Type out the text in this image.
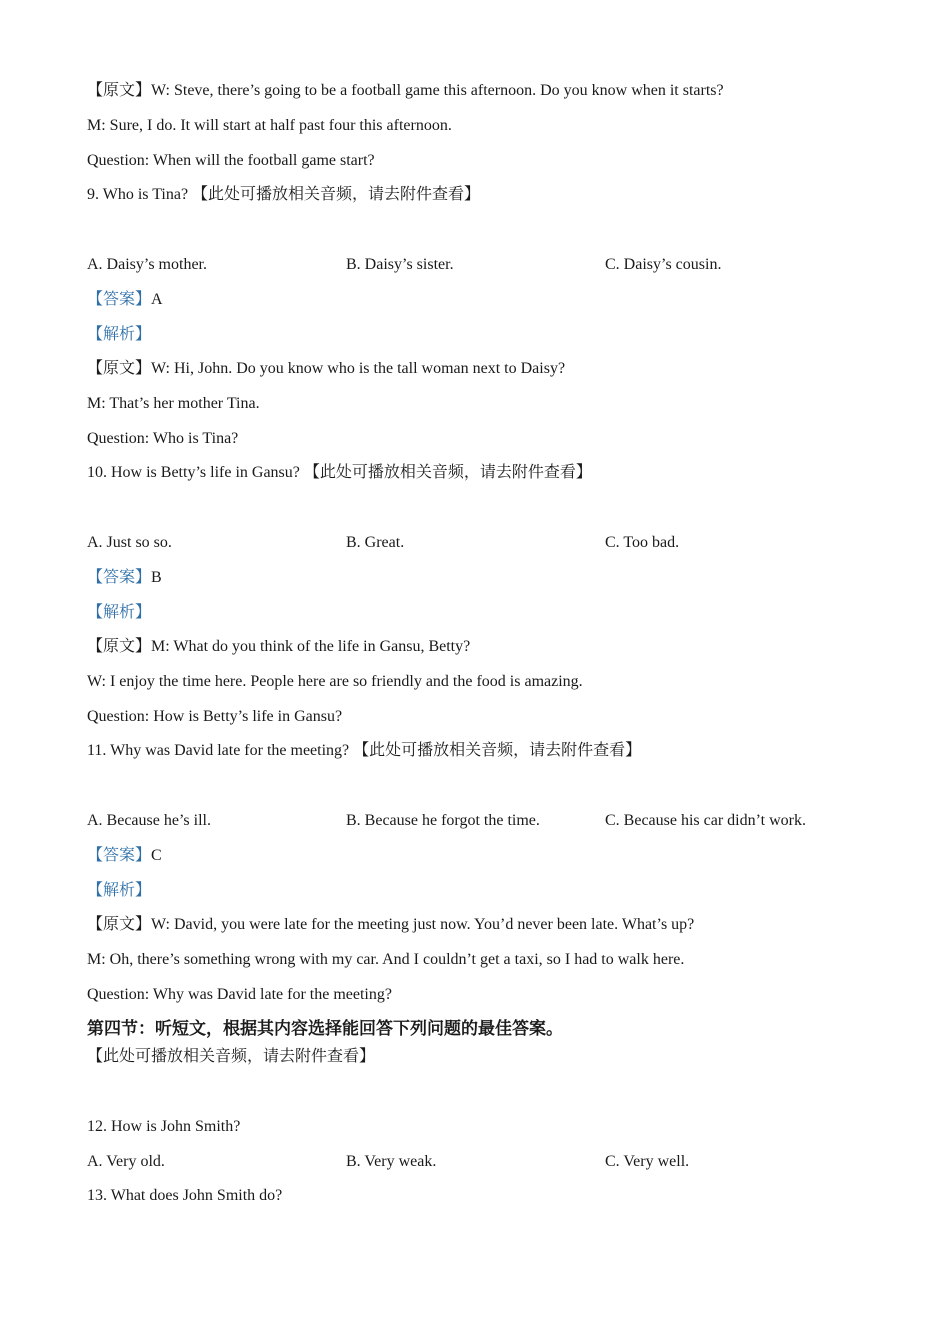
【原文】W: Steve, there’s going to be a football game this afternoon. Do you know when it starts?
M: Sure, I do. It will start at half past four this afternoon.
Question: When will the football game start?
9. Who is Tina? 【此处可播放相关音频，请去附件查看】
A. Daisy’s mother.	B. Daisy’s sister.	C. Daisy’s cousin.
【答案】A
【解析】
【原文】W: Hi, John. Do you know who is the tall woman next to Daisy?
M: That’s her mother Tina.
Question: Who is Tina?
10. How is Betty’s life in Gansu? 【此处可播放相关音频，请去附件查看】
A. Just so so.	B. Great.	C. Too bad.
【答案】B
【解析】
【原文】M: What do you think of the life in Gansu, Betty?
W: I enjoy the time here. People here are so friendly and the food is amazing.
Question: How is Betty’s life in Gansu?
11. Why was David late for the meeting? 【此处可播放相关音频，请去附件查看】
A. Because he’s ill.	B. Because he forgot the time.	C. Because his car didn’t work.
【答案】C
【解析】
【原文】W: David, you were late for the meeting just now. You’d never been late. What’s up?
M: Oh, there’s something wrong with my car. And I couldn’t get a taxi, so I had to walk here.
Question: Why was David late for the meeting?
第四节：听短文，根据其内容选择能回答下列问题的最佳答案。
【此处可播放相关音频，请去附件查看】
12. How is John Smith?
A. Very old.	B. Very weak.	C. Very well.
13. What does John Smith do?
